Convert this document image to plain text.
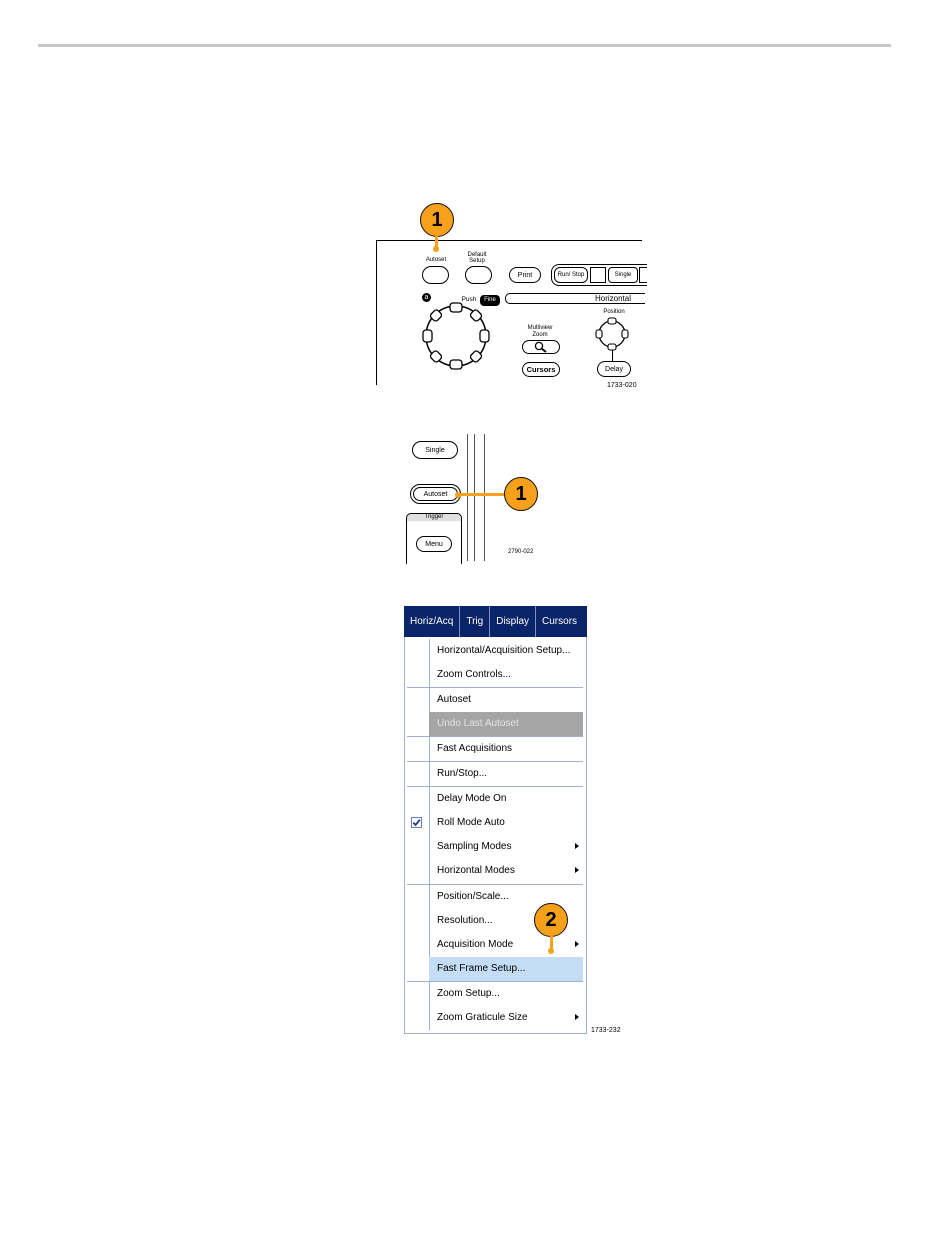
1
Autoset
Default Setup
Print	Run/ Stop	Single
a	Push	Fine	Horizontal
Multiview Zoom
Cursors
Position
Delay
1733-020
Single
Autoset	1
Trigger
Menu
2790-022
Horiz/Acq	Trig	Display	Cursors
Horizontal/Acquisition Setup...
Zoom Controls...
Autoset
Undo Last Autoset
Fast Acquisitions
Run/Stop...
Delay Mode On
Roll Mode Auto
Sampling Modes
Horizontal Modes
Position/Scale...
Resolution...
Acquisition Mode
Fast Frame Setup...
Zoom Setup...
Zoom Graticule Size
2
1733-232
